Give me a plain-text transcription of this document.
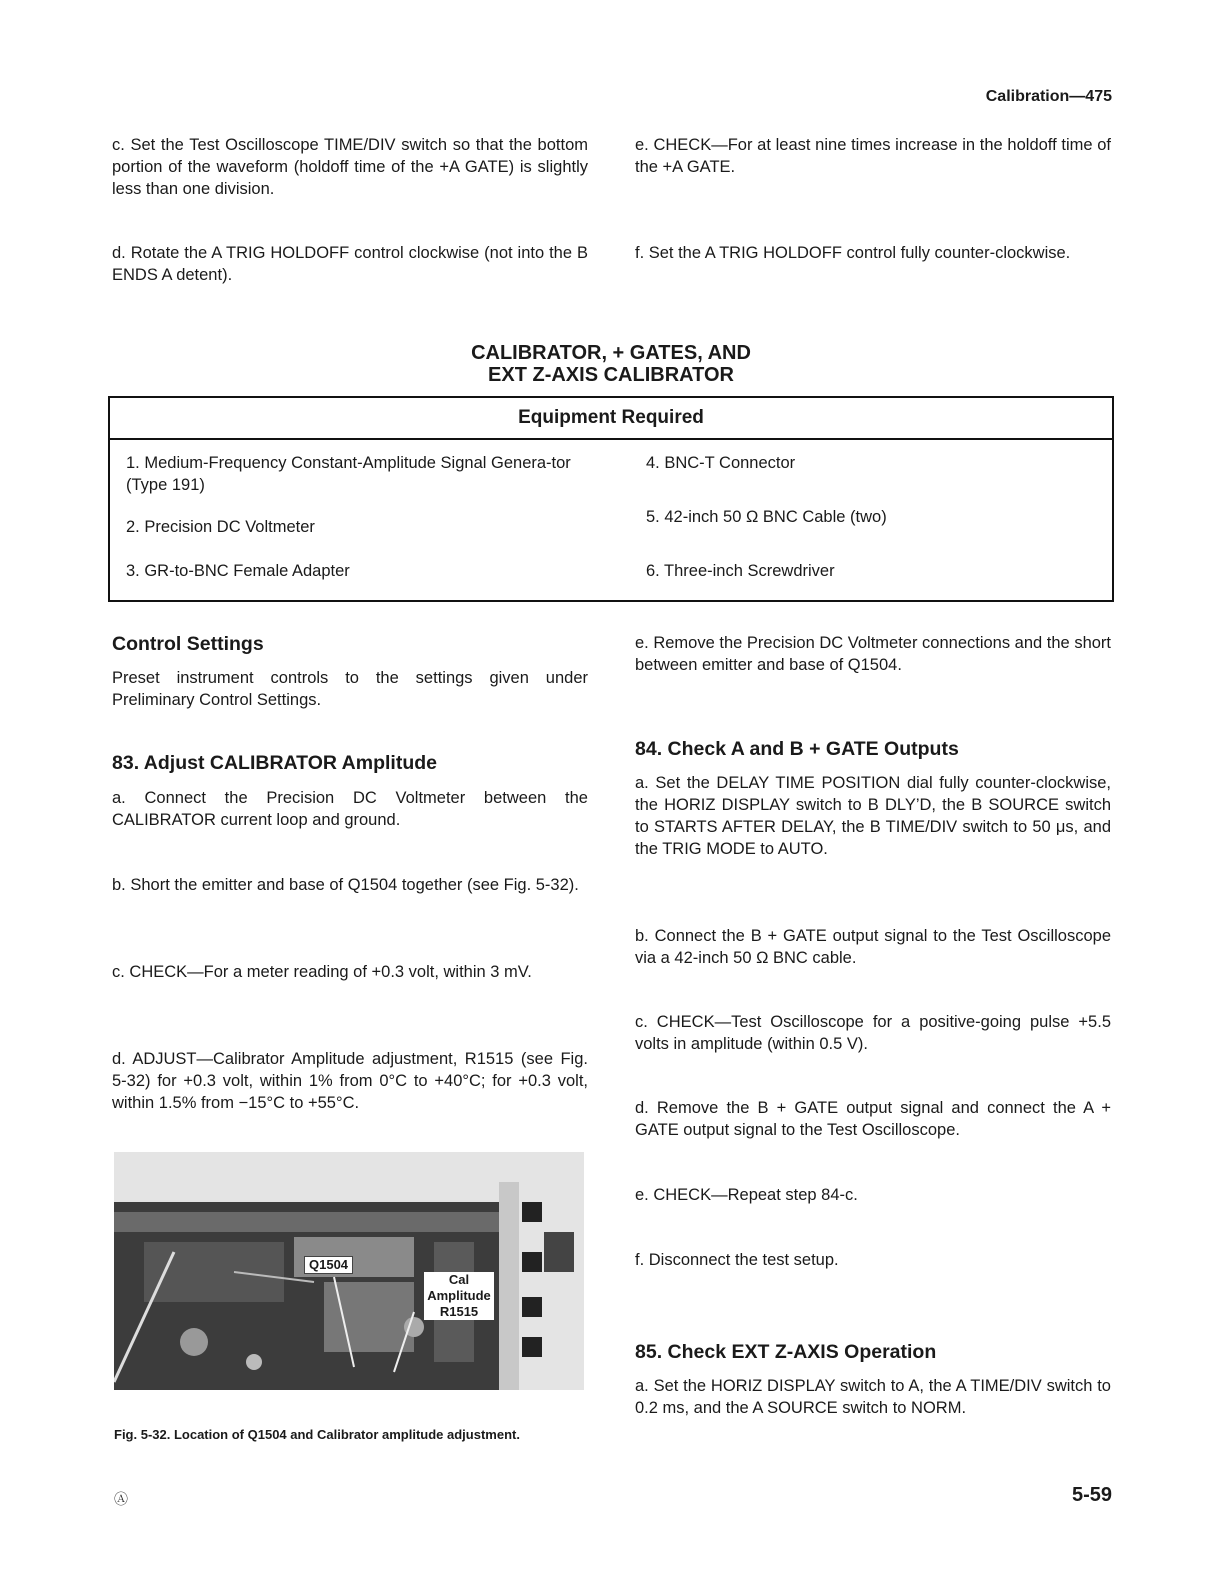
Calibration—475
c. Set the Test Oscilloscope TIME/DIV switch so that the bottom portion of the waveform (holdoff time of the +A GATE) is slightly less than one division.
d. Rotate the A TRIG HOLDOFF control clockwise (not into the B ENDS A detent).
e. CHECK—For at least nine times increase in the holdoff time of the +A GATE.
f. Set the A TRIG HOLDOFF control fully counter-clockwise.
CALIBRATOR, + GATES, AND
EXT Z-AXIS CALIBRATOR
Equipment Required
1. Medium-Frequency Constant-Amplitude Signal Genera-tor (Type 191)
2. Precision DC Voltmeter
3. GR-to-BNC Female Adapter
4. BNC-T Connector
5. 42-inch 50 Ω BNC Cable (two)
6. Three-inch Screwdriver
Control Settings
Preset instrument controls to the settings given under Preliminary Control Settings.
83. Adjust CALIBRATOR Amplitude
a. Connect the Precision DC Voltmeter between the CALIBRATOR current loop and ground.
b. Short the emitter and base of Q1504 together (see Fig. 5-32).
c. CHECK—For a meter reading of +0.3 volt, within 3 mV.
d. ADJUST—Calibrator Amplitude adjustment, R1515 (see Fig. 5-32) for +0.3 volt, within 1% from 0°C to +40°C; for +0.3 volt, within 1.5% from −15°C to +55°C.
Q1504
Cal
Amplitude
R1515
Fig. 5-32. Location of Q1504 and Calibrator amplitude adjustment.
e. Remove the Precision DC Voltmeter connections and the short between emitter and base of Q1504.
84. Check A and B + GATE Outputs
a. Set the DELAY TIME POSITION dial fully counter-clockwise, the HORIZ DISPLAY switch to B DLY’D, the B SOURCE switch to STARTS AFTER DELAY, the B TIME/DIV switch to 50 μs, and the TRIG MODE to AUTO.
b. Connect the B + GATE output signal to the Test Oscilloscope via a 42-inch 50 Ω BNC cable.
c. CHECK—Test Oscilloscope for a positive-going pulse +5.5 volts in amplitude (within 0.5 V).
d. Remove the B + GATE output signal and connect the A + GATE output signal to the Test Oscilloscope.
e. CHECK—Repeat step 84-c.
f. Disconnect the test setup.
85. Check EXT Z-AXIS Operation
a. Set the HORIZ DISPLAY switch to A, the A TIME/DIV switch to 0.2 ms, and the A SOURCE switch to NORM.
Ⓐ	5-59
